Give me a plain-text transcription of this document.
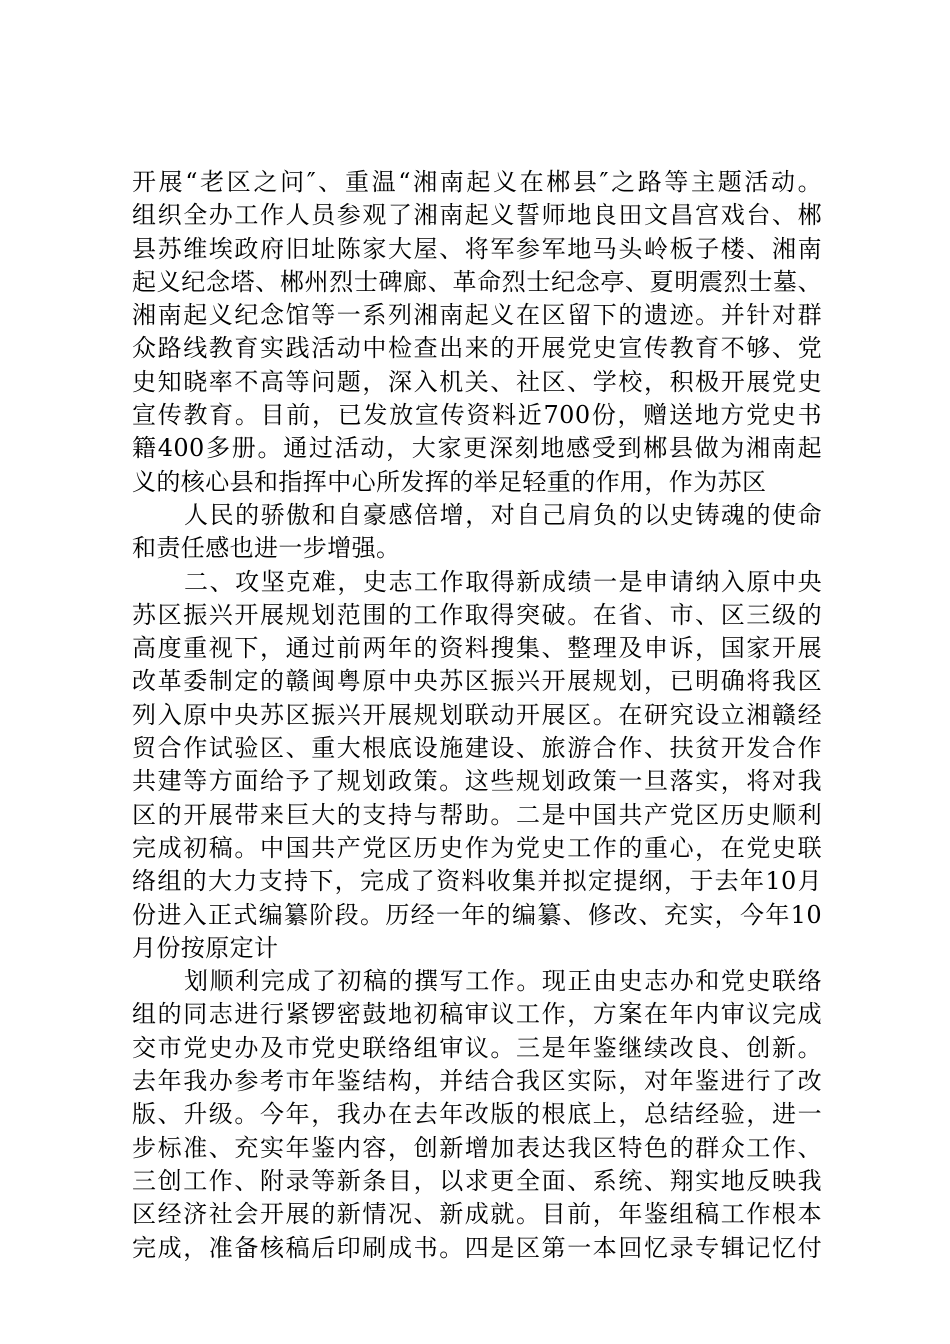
开展“老区之问″、重温“湘南起义在郴县″之路等主题活动。
组织全办工作人员参观了湘南起义誓师地良田文昌宫戏台、郴
县苏维埃政府旧址陈家大屋、将军参军地马头岭板子楼、湘南
起义纪念塔、郴州烈士碑廊、革命烈士纪念亭、夏明震烈士墓、
湘南起义纪念馆等一系列湘南起义在区留下的遗迹。并针对群
众路线教育实践活动中检查出来的开展党史宣传教育不够、党
史知晓率不高等问题，深入机关、社区、学校，积极开展党史
宣传教育。目前，已发放宣传资料近700份，赠送地方党史书
籍400多册。通过活动，大家更深刻地感受到郴县做为湘南起
义的核心县和指挥中心所发挥的举足轻重的作用，作为苏区
人民的骄傲和自豪感倍增，对自己肩负的以史铸魂的使命
和责任感也进一步增强。
二、攻坚克难，史志工作取得新成绩一是申请纳入原中央
苏区振兴开展规划范围的工作取得突破。在省、市、区三级的
高度重视下，通过前两年的资料搜集、整理及申诉，国家开展
改革委制定的赣闽粤原中央苏区振兴开展规划，已明确将我区
列入原中央苏区振兴开展规划联动开展区。在研究设立湘赣经
贸合作试验区、重大根底设施建设、旅游合作、扶贫开发合作
共建等方面给予了规划政策。这些规划政策一旦落实，将对我
区的开展带来巨大的支持与帮助。二是中国共产党区历史顺利
完成初稿。中国共产党区历史作为党史工作的重心，在党史联
络组的大力支持下，完成了资料收集并拟定提纲，于去年10月
份进入正式编纂阶段。历经一年的编纂、修改、充实，今年10
月份按原定计
划顺利完成了初稿的撰写工作。现正由史志办和党史联络
组的同志进行紧锣密鼓地初稿审议工作，方案在年内审议完成
交市党史办及市党史联络组审议。三是年鉴继续改良、创新。
去年我办参考市年鉴结构，并结合我区实际，对年鉴进行了改
版、升级。今年，我办在去年改版的根底上，总结经验，进一
步标准、充实年鉴内容，创新增加表达我区特色的群众工作、
三创工作、附录等新条目，以求更全面、系统、翔实地反映我
区经济社会开展的新情况、新成就。目前，年鉴组稿工作根本
完成，准备核稿后印刷成书。四是区第一本回忆录专辑记忆付
